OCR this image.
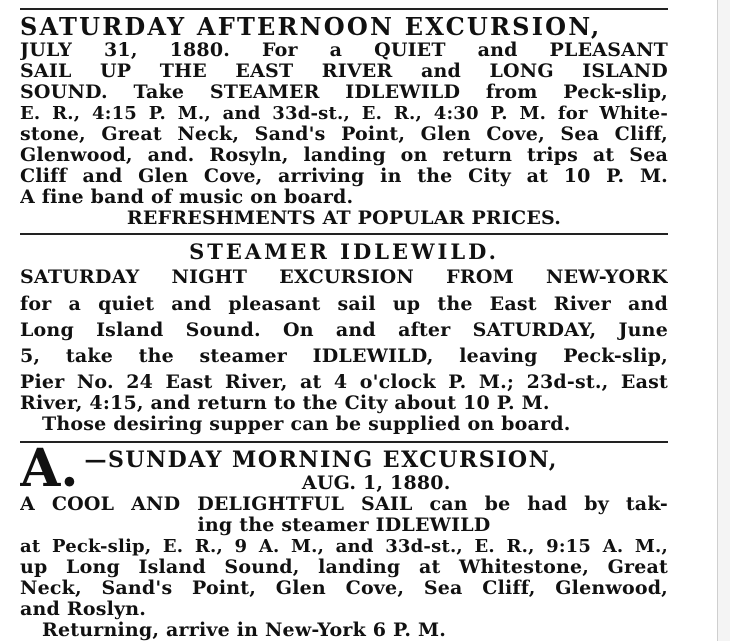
SATURDAY AFTERNOON EXCURSION,
JULY 31, 1880. For a QUIET and PLEASANT
SAIL UP THE EAST RIVER and LONG ISLAND
SOUND. Take STEAMER IDLEWILD from Peck-slip,
E. R., 4:15 P. M., and 33d-st., E. R., 4:30 P. M. for White-
stone, Great Neck, Sand's Point, Glen Cove, Sea Cliff,
Glenwood, and. Rosyln, landing on return trips at Sea
Cliff and Glen Cove, arriving in the City at 10 P. M.
A fine band of music on board.
REFRESHMENTS AT POPULAR PRICES.
STEAMER IDLEWILD.
SATURDAY NIGHT EXCURSION FROM NEW-YORK
for a quiet and pleasant sail up the East River and
Long Island Sound. On and after SATURDAY, June
5, take the steamer IDLEWILD, leaving Peck-slip,
Pier No. 24 East River, at 4 o'clock P. M.; 23d-st., East
River, 4:15, and return to the City about 10 P. M.
Those desiring supper can be supplied on board.
A. —SUNDAY MORNING EXCURSION,
AUG. 1, 1880.
A COOL AND DELIGHTFUL SAIL can be had by tak-
ing the steamer IDLEWILD
at Peck-slip, E. R., 9 A. M., and 33d-st., E. R., 9:15 A. M.,
up Long Island Sound, landing at Whitestone, Great
Neck, Sand's Point, Glen Cove, Sea Cliff, Glenwood,
and Roslyn.
Returning, arrive in New-York 6 P. M.
